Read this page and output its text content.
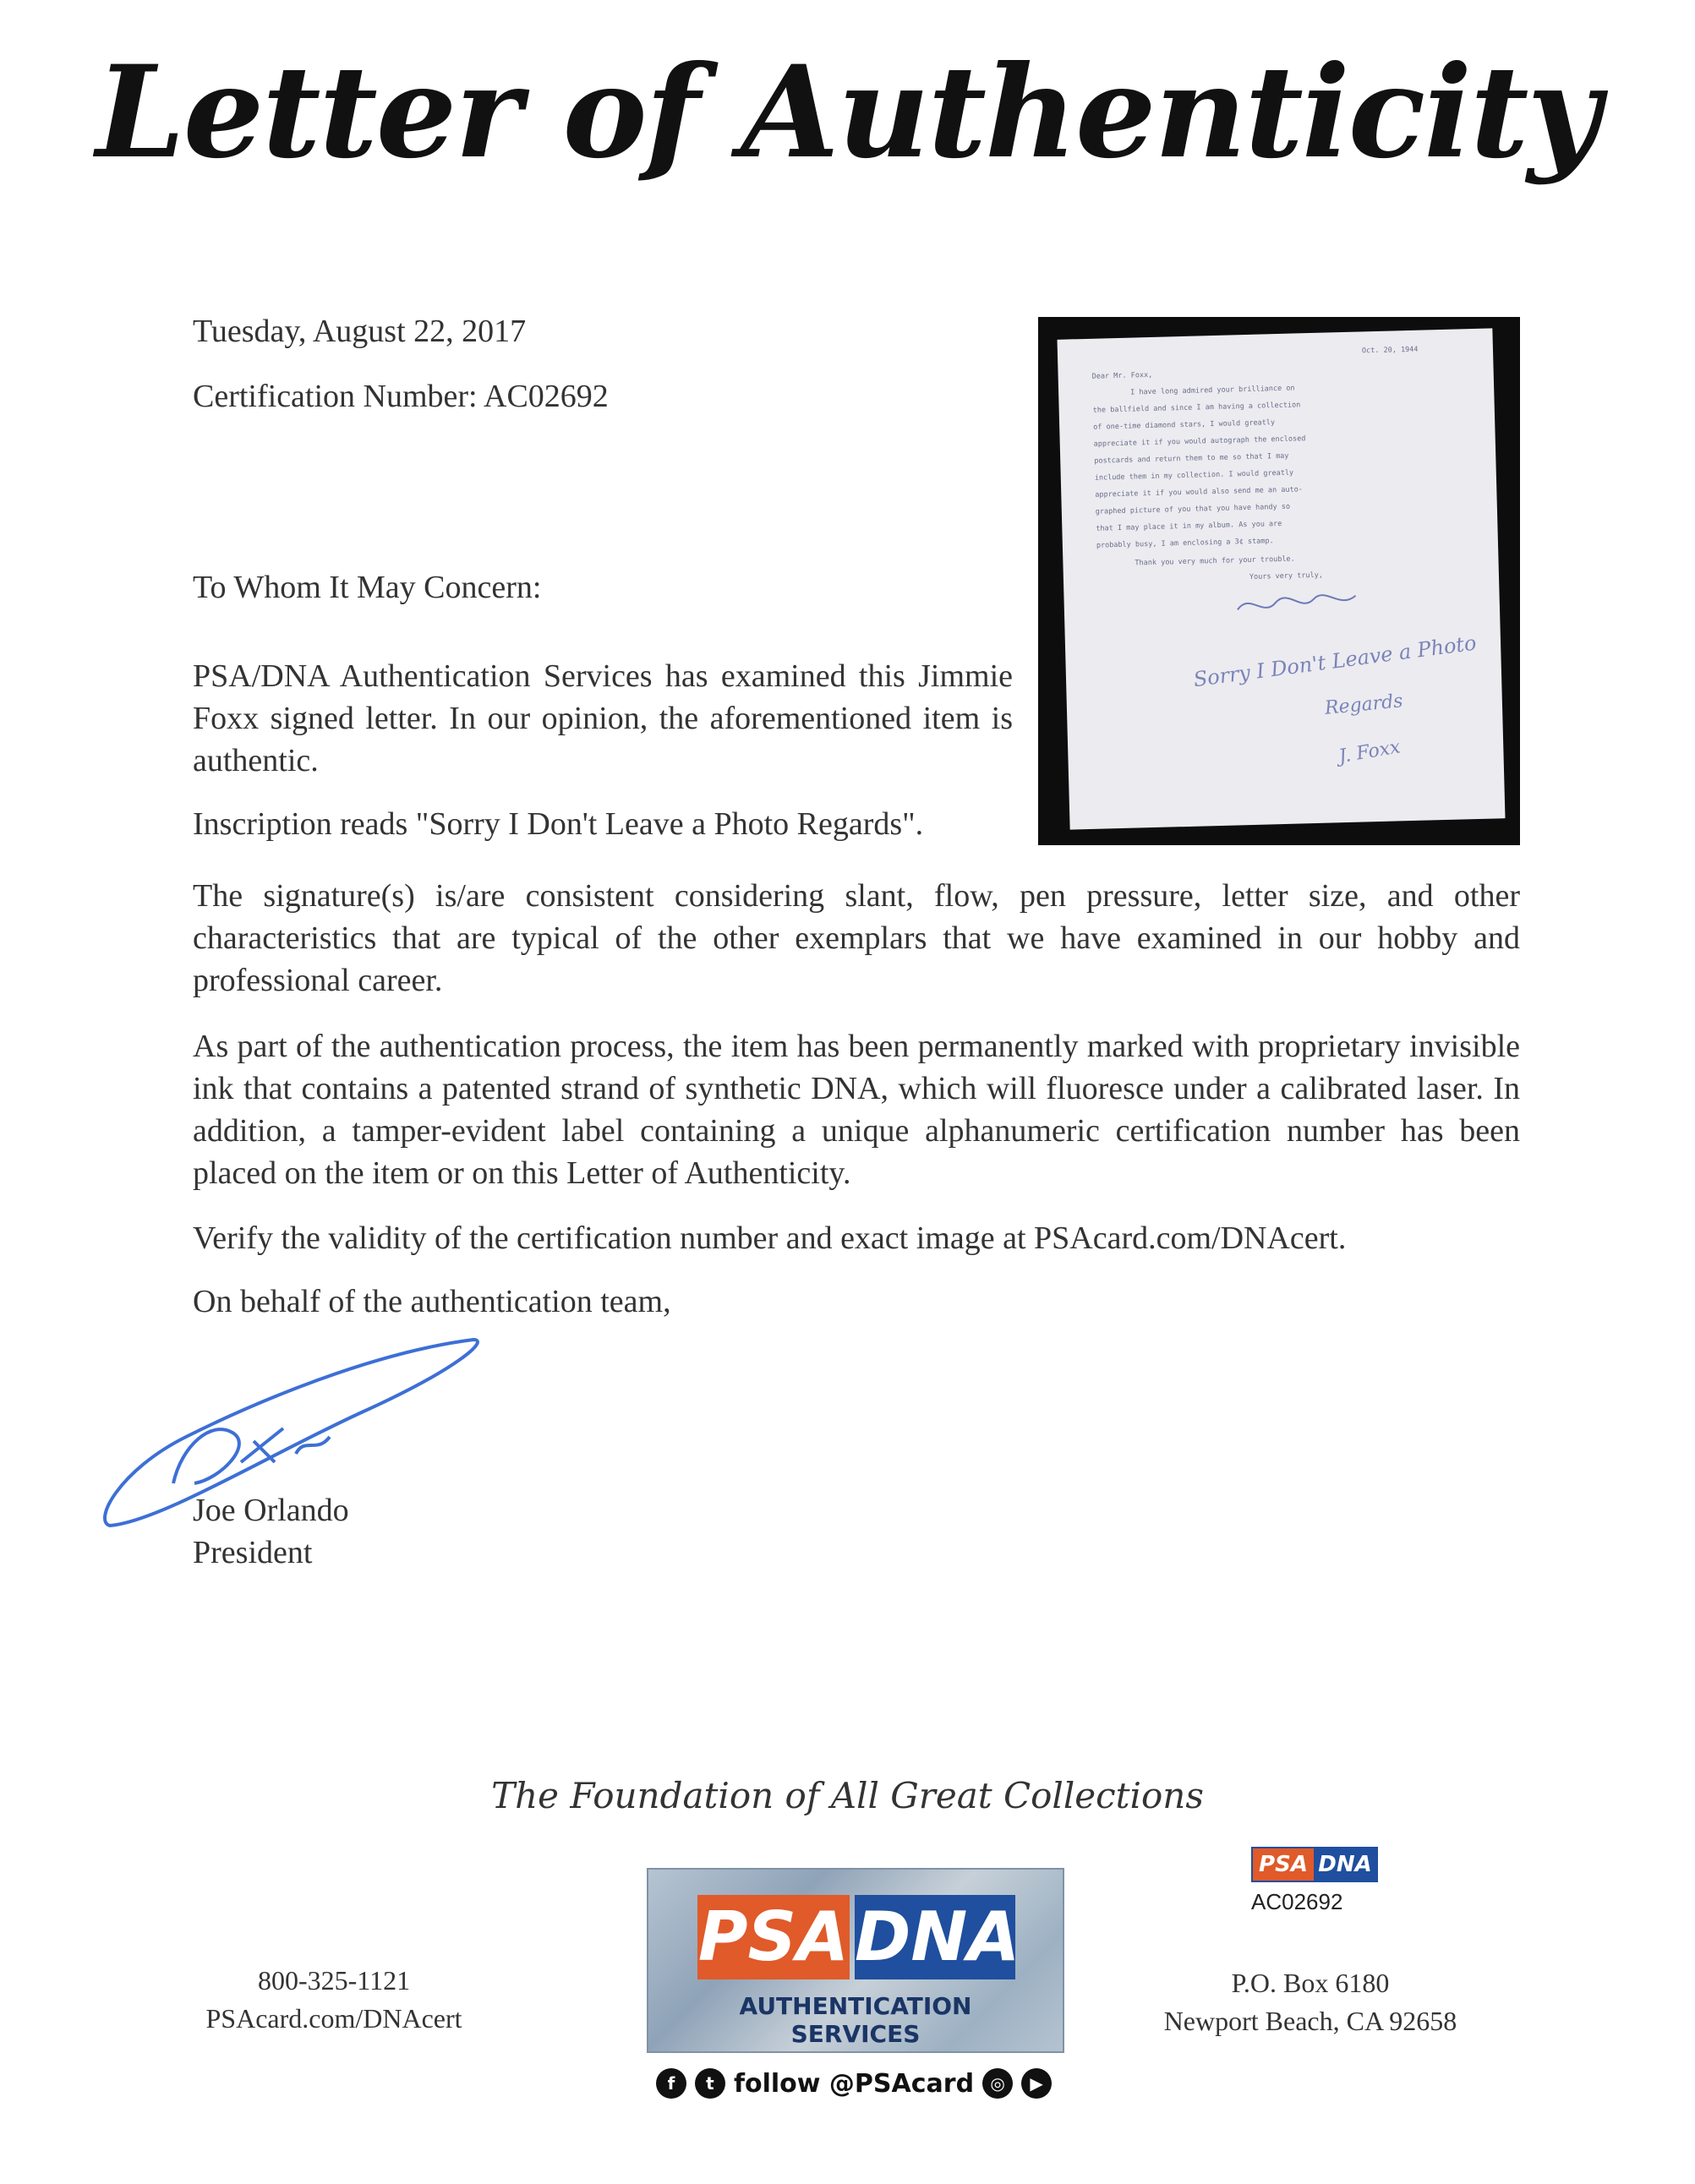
Letter of Authenticity
Tuesday, August 22, 2017
Certification Number: AC02692
Oct. 20, 1944
Dear Mr. Foxx,
I have long admired your brilliance on
the ballfield and since I am having a collection
of one-time diamond stars, I would greatly
appreciate it if you would autograph the enclosed
postcards and return them to me so that I may
include them in my collection. I would greatly
appreciate it if you would also send me an auto-
graphed picture of you that you have handy so
that I may place it in my album. As you are
probably busy, I am enclosing a 3¢ stamp.
Thank you very much for your trouble.
Yours very truly,
Sorry I Don't Leave a Photo
Regards
J. Foxx
To Whom It May Concern:
PSA/DNA Authentication Services has examined this Jimmie Foxx signed letter. In our opinion, the aforementioned item is authentic.
Inscription reads "Sorry I Don't Leave a Photo Regards".
The signature(s) is/are consistent considering slant, flow, pen pressure, letter size, and other characteristics that are typical of the other exemplars that we have examined in our hobby and professional career.
As part of the authentication process, the item has been permanently marked with proprietary invisible ink that contains a patented strand of synthetic DNA, which will fluoresce under a calibrated laser. In addition, a tamper-evident label containing a unique alphanumeric certification number has been placed on the item or on this Letter of Authenticity.
Verify the validity of the certification number and exact image at PSAcard.com/DNAcert.
On behalf of the authentication team,
Joe Orlando
President
The Foundation of All Great Collections
800-325-1121
PSAcard.com/DNAcert
PSA DNA
AUTHENTICATION SERVICES
f	t follow @PSAcard ◎	▶
PSA DNA
AC02692
P.O. Box 6180
Newport Beach, CA 92658
